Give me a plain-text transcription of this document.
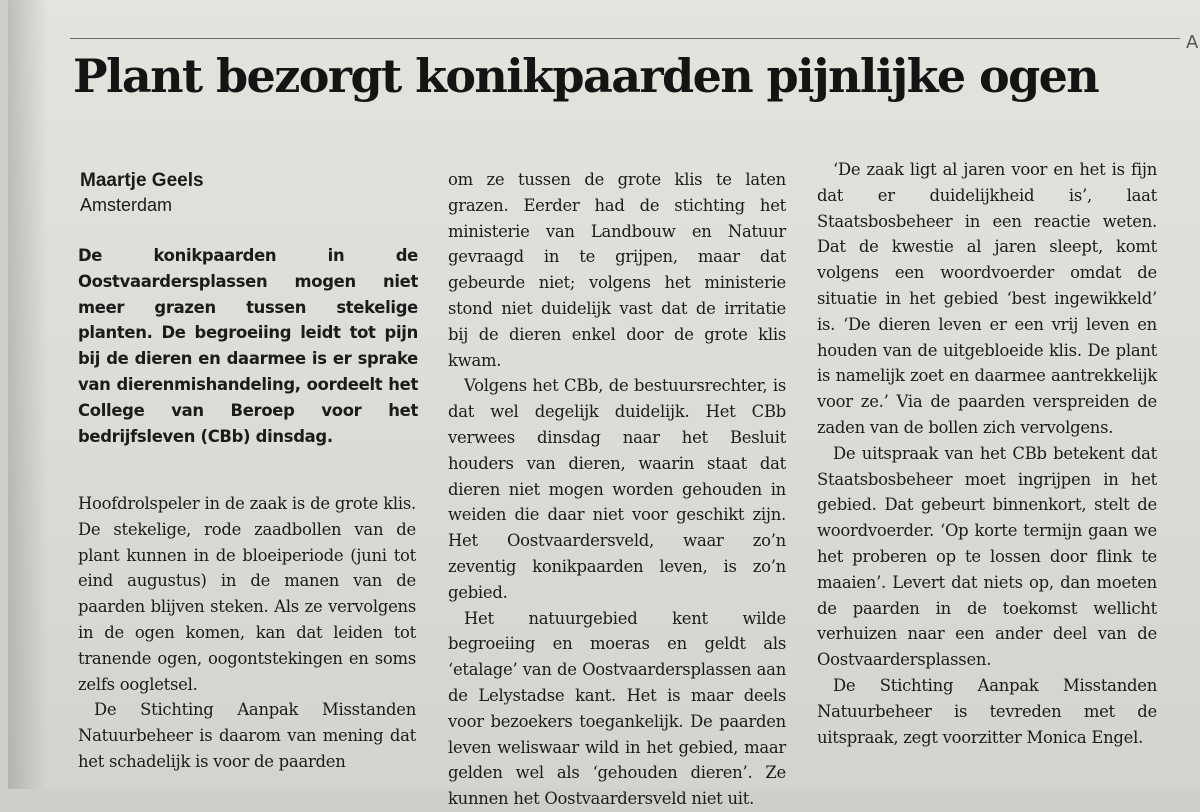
A
Plant bezorgt konikpaarden pijnlijke ogen
Maartje Geels
Amsterdam

De konikpaarden in de Oostvaardersplassen mogen niet meer grazen tussen stekelige planten. De begroeiing leidt tot pijn bij de dieren en daarmee is er sprake van dierenmishandeling, oordeelt het College van Beroep voor het bedrijfsleven (CBb) dinsdag.

Hoofdrolspeler in de zaak is de grote klis. De stekelige, rode zaadbollen van de plant kunnen in de bloeiperiode (juni tot eind augustus) in de manen van de paarden blijven steken. Als ze vervolgens in de ogen komen, kan dat leiden tot tranende ogen, oogontstekingen en soms zelfs oogletsel.

De Stichting Aanpak Misstanden Natuurbeheer is daarom van mening dat het schadelijk is voor de paarden

om ze tussen de grote klis te laten grazen. Eerder had de stichting het ministerie van Landbouw en Natuur gevraagd in te grijpen, maar dat gebeurde niet; volgens het ministerie stond niet duidelijk vast dat de irritatie bij de dieren enkel door de grote klis kwam.

Volgens het CBb, de bestuursrechter, is dat wel degelijk duidelijk. Het CBb verwees dinsdag naar het Besluit houders van dieren, waarin staat dat dieren niet mogen worden gehouden in weiden die daar niet voor geschikt zijn. Het Oostvaardersveld, waar zo’n zeventig konikpaarden leven, is zo’n gebied.

Het natuurgebied kent wilde begroeiing en moeras en geldt als ‘etalage’ van de Oostvaardersplassen aan de Lelystadse kant. Het is maar deels voor bezoekers toegankelijk. De paarden leven weliswaar wild in het gebied, maar gelden wel als ‘gehouden dieren’. Ze kunnen het Oostvaardersveld niet uit.

‘De zaak ligt al jaren voor en het is fijn dat er duidelijkheid is’, laat Staatsbosbeheer in een reactie weten. Dat de kwestie al jaren sleept, komt volgens een woordvoerder omdat de situatie in het gebied ‘best ingewikkeld’ is. ‘De dieren leven er een vrij leven en houden van de uitgebloeide klis. De plant is namelijk zoet en daarmee aantrekkelijk voor ze.’ Via de paarden verspreiden de zaden van de bollen zich vervolgens.

De uitspraak van het CBb betekent dat Staatsbosbeheer moet ingrijpen in het gebied. Dat gebeurt binnenkort, stelt de woordvoerder. ‘Op korte termijn gaan we het proberen op te lossen door flink te maaien’. Levert dat niets op, dan moeten de paarden in de toekomst wellicht verhuizen naar een ander deel van de Oostvaardersplassen.

De Stichting Aanpak Misstanden Natuurbeheer is tevreden met de uitspraak, zegt voorzitter Monica Engel.
